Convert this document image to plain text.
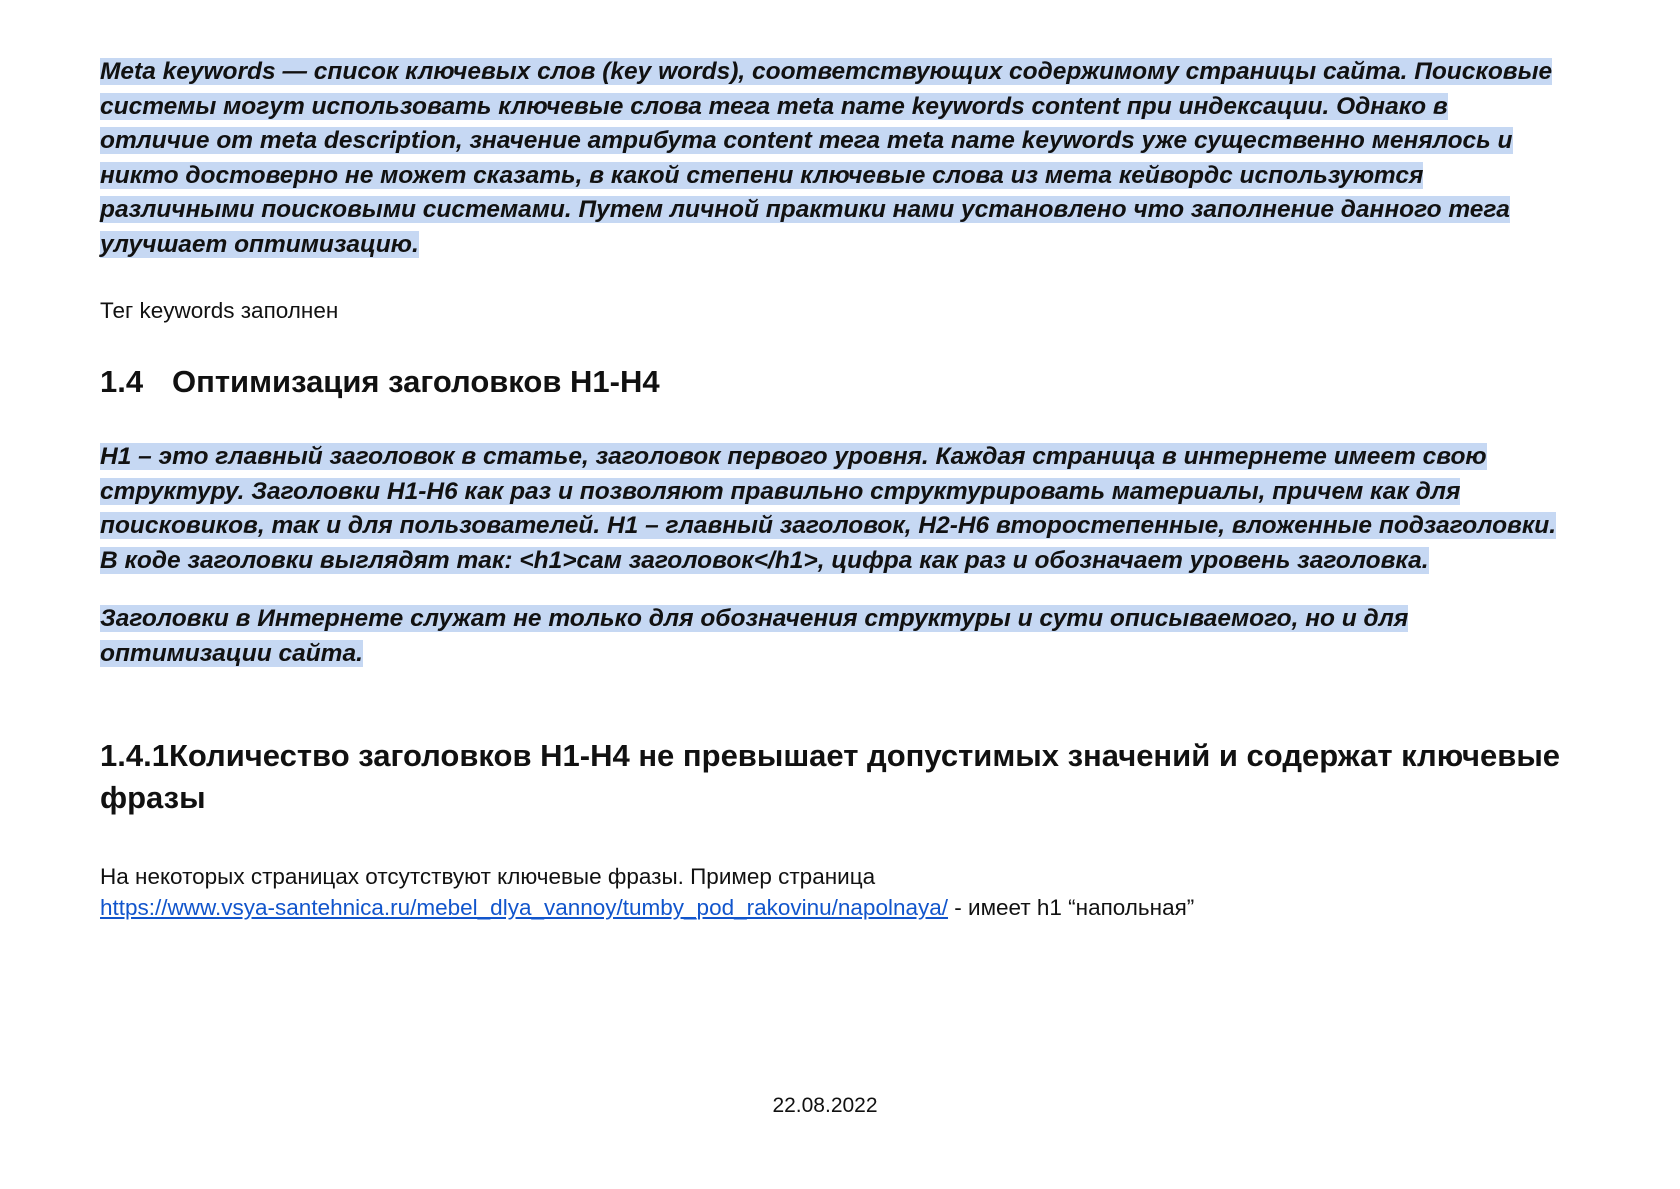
Meta keywords — список ключевых слов (key words), соответствующих содержимому страницы сайта. Поисковые системы могут использовать ключевые слова тега meta name keywords content при индексации. Однако в отличие от meta description, значение атрибута content тега meta name keywords уже существенно менялось и никто достоверно не может сказать, в какой степени ключевые слова из мета кейвордс используются различными поисковыми системами. Путем личной практики нами установлено что заполнение данного тега улучшает оптимизацию.

Тег keywords заполнен

1.4 Оптимизация заголовков H1-H4

H1 – это главный заголовок в статье, заголовок первого уровня. Каждая страница в интернете имеет свою структуру. Заголовки H1-H6 как раз и позволяют правильно структурировать материалы, причем как для поисковиков, так и для пользователей. H1 – главный заголовок, H2-H6 второстепенные, вложенные подзаголовки. В коде заголовки выглядят так: <h1>сам заголовок</h1>, цифра как раз и обозначает уровень заголовка.

Заголовки в Интернете служат не только для обозначения структуры и сути описываемого, но и для оптимизации сайта.

1.4.1Количество заголовков H1-H4 не превышает допустимых значений и содержат ключевые фразы

На некоторых страницах отсутствуют ключевые фразы. Пример страница
https://www.vsya-santehnica.ru/mebel_dlya_vannoy/tumby_pod_rakovinu/napolnaya/ - имеет h1 “напольная”

22.08.2022
